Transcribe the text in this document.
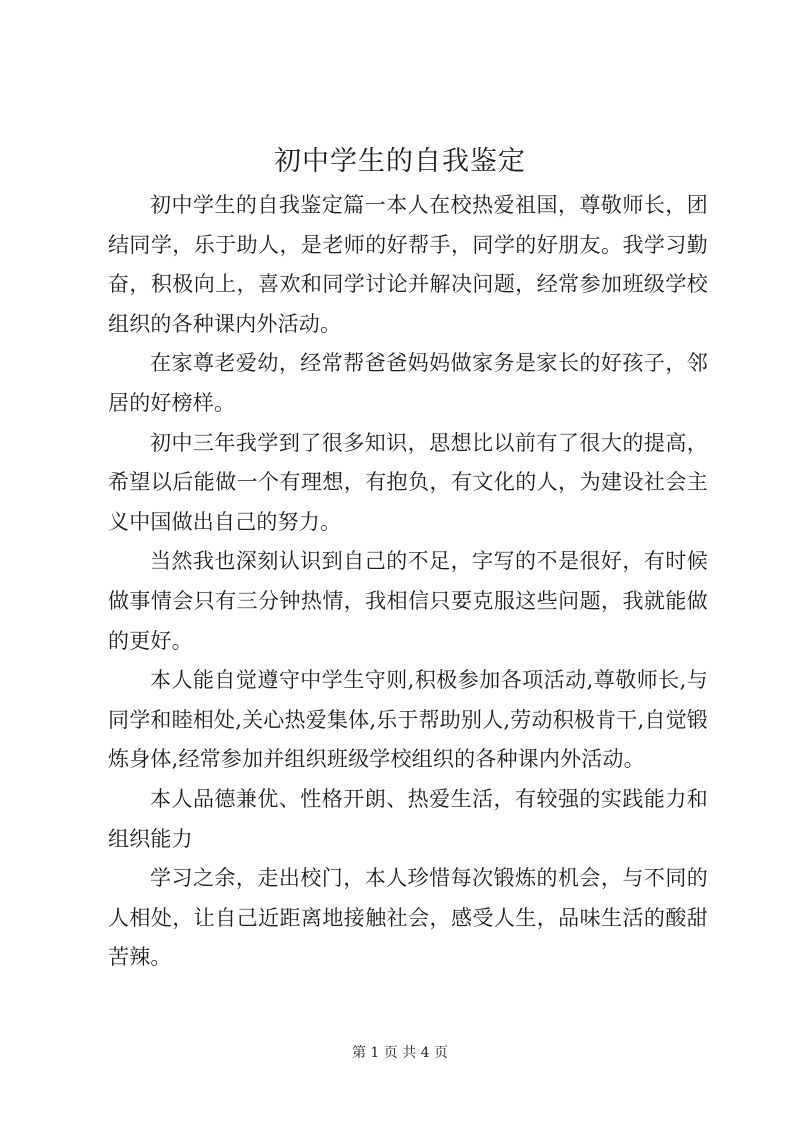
初中学生的自我鉴定

初中学生的自我鉴定篇一本人在校热爱祖国，尊敬师长，团结同学，乐于助人，是老师的好帮手，同学的好朋友。我学习勤奋，积极向上，喜欢和同学讨论并解决问题，经常参加班级学校组织的各种课内外活动。

在家尊老爱幼，经常帮爸爸妈妈做家务是家长的好孩子，邻居的好榜样。

初中三年我学到了很多知识，思想比以前有了很大的提高，希望以后能做一个有理想，有抱负，有文化的人，为建设社会主义中国做出自己的努力。

当然我也深刻认识到自己的不足，字写的不是很好，有时候做事情会只有三分钟热情，我相信只要克服这些问题，我就能做的更好。

本人能自觉遵守中学生守则,积极参加各项活动,尊敬师长,与同学和睦相处,关心热爱集体,乐于帮助别人,劳动积极肯干,自觉锻炼身体,经常参加并组织班级学校组织的各种课内外活动。

本人品德兼优、性格开朗、热爱生活，有较强的实践能力和组织能力

学习之余，走出校门，本人珍惜每次锻炼的机会，与不同的人相处，让自己近距离地接触社会，感受人生，品味生活的酸甜苦辣。

第 1 页 共 4 页
